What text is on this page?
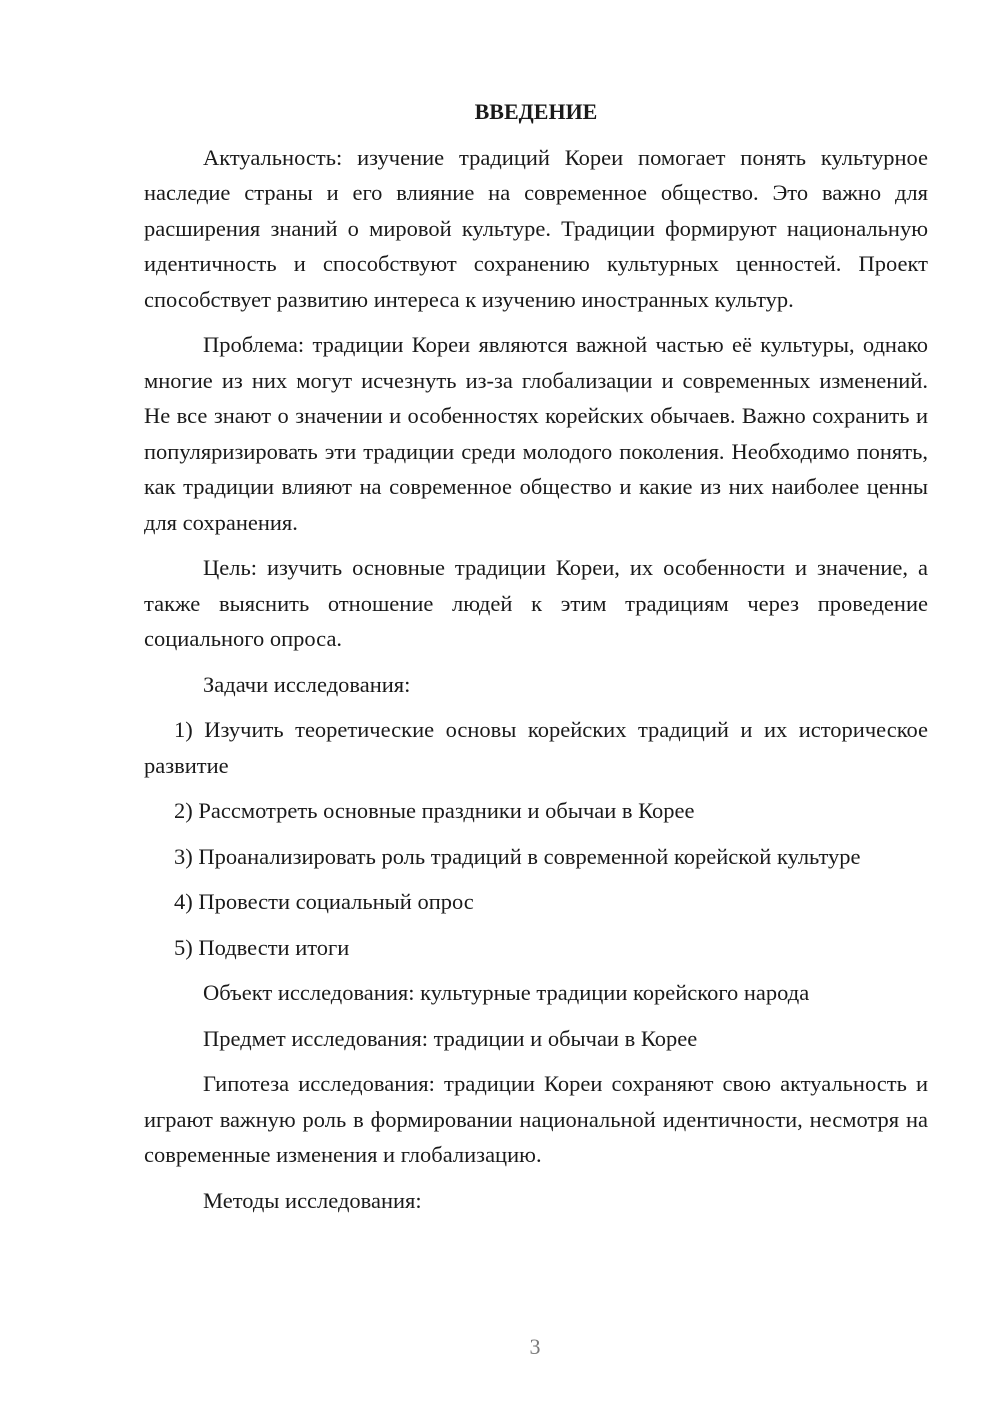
ВВЕДЕНИЕ

Актуальность: изучение традиций Кореи помогает понять культурное наследие страны и его влияние на современное общество. Это важно для расширения знаний о мировой культуре. Традиции формируют национальную идентичность и способствуют сохранению культурных ценностей. Проект способствует развитию интереса к изучению иностранных культур.

Проблема: традиции Кореи являются важной частью её культуры, однако многие из них могут исчезнуть из-за глобализации и современных изменений. Не все знают о значении и особенностях корейских обычаев. Важно сохранить и популяризировать эти традиции среди молодого поколения. Необходимо понять, как традиции влияют на современное общество и какие из них наиболее ценны для сохранения.

Цель: изучить основные традиции Кореи, их особенности и значение, а также выяснить отношение людей к этим традициям через проведение социального опроса.

Задачи исследования:

1) Изучить теоретические основы корейских традиций и их историческое развитие

2) Рассмотреть основные праздники и обычаи в Корее

3) Проанализировать роль традиций в современной корейской культуре

4) Провести социальный опрос

5) Подвести итоги

Объект исследования: культурные традиции корейского народа

Предмет исследования: традиции и обычаи в Корее

Гипотеза исследования: традиции Кореи сохраняют свою актуальность и играют важную роль в формировании национальной идентичности, несмотря на современные изменения и глобализацию.

Методы исследования:

3
